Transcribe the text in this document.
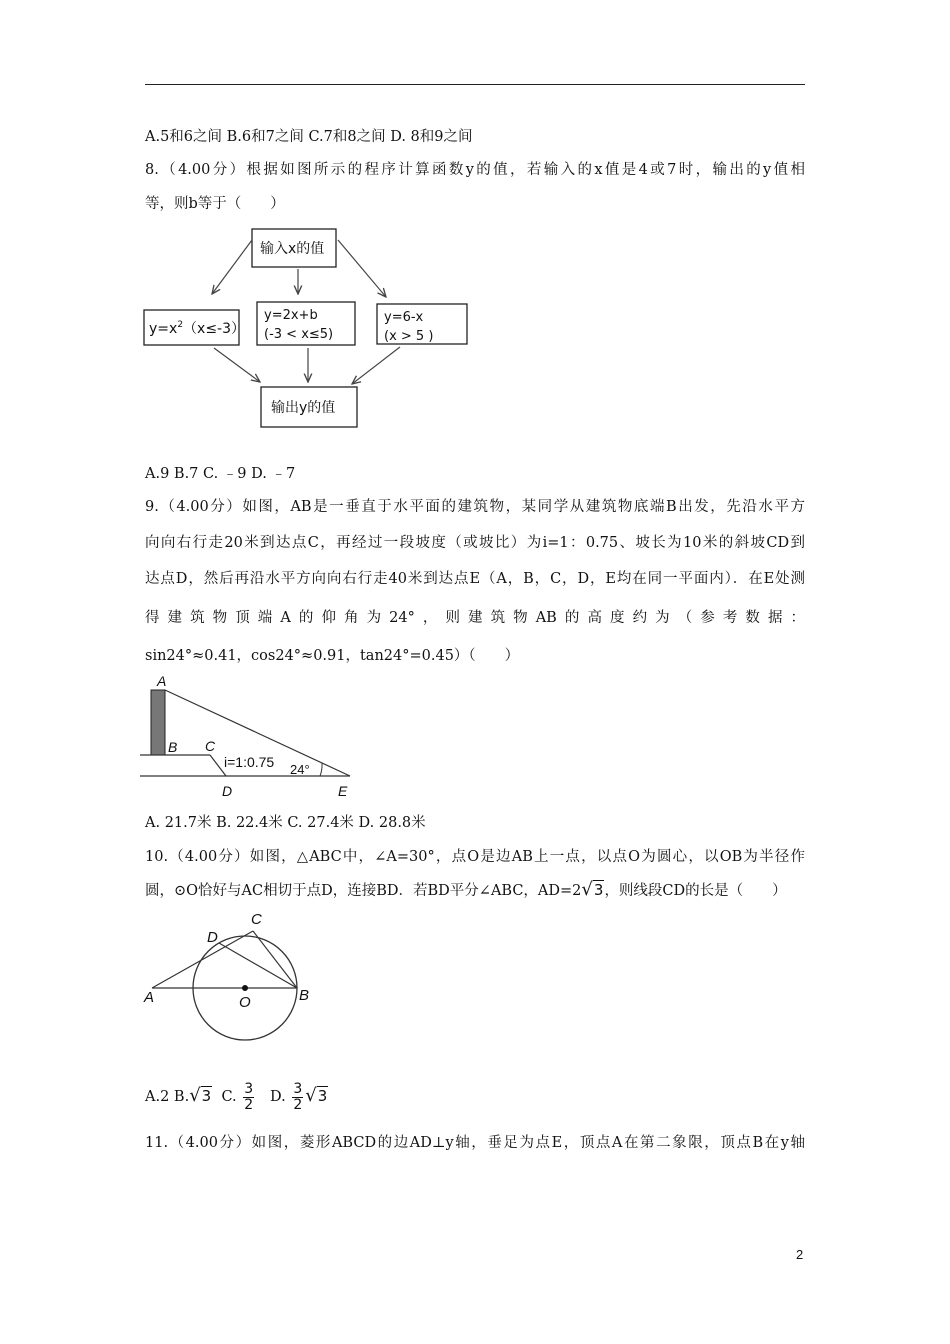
A.5和6之间 B.6和7之间 C.7和8之间 D. 8和9之间
8.（4.00分）根据如图所示的程序计算函数y的值，若输入的x值是4或7时，输出的y值相
等，则b等于（　　）
输入x的值
$y=x^2(x\le-3)$
y=2x+b
(-3 < x≤5)
y=6-x
(x > 5 )
输出y的值
A.9 B.7 C. ﹣9 D. ﹣7
9.（4.00分）如图，AB是一垂直于水平面的建筑物，某同学从建筑物底端B出发，先沿水平方
向向右行走20米到达点C，再经过一段坡度（或坡比）为i=1：0.75、坡长为10米的斜坡CD到
达点D，然后再沿水平方向向右行走40米到达点E（A，B，C，D，E均在同一平面内）．在E处测
得建筑物顶端A的仰角为24°，则建筑物AB的高度约为（参考数据：
sin24°≈0.41，cos24°≈0.91，tan24°=0.45）（　　）
A
B C
D	E
i=1:0.75 24°
A. 21.7米 B. 22.4米 C. 27.4米 D. 28.8米
10.（4.00分）如图，△ABC中，∠A=30°，点O是边AB上一点，以点O为圆心，以OB为半径作
圆，⊙O恰好与AC相切于点D，连接BD．若BD平分∠ABC，AD=2√3，则线段CD的长是（　　）
A	B
C
D
O
A.2 B.√3 C. $\frac{3}{2} D$. $\frac{3}{2} √3$
11.（4.00分）如图，菱形ABCD的边AD⊥y轴，垂足为点E，顶点A在第二象限，顶点B在y轴
2
